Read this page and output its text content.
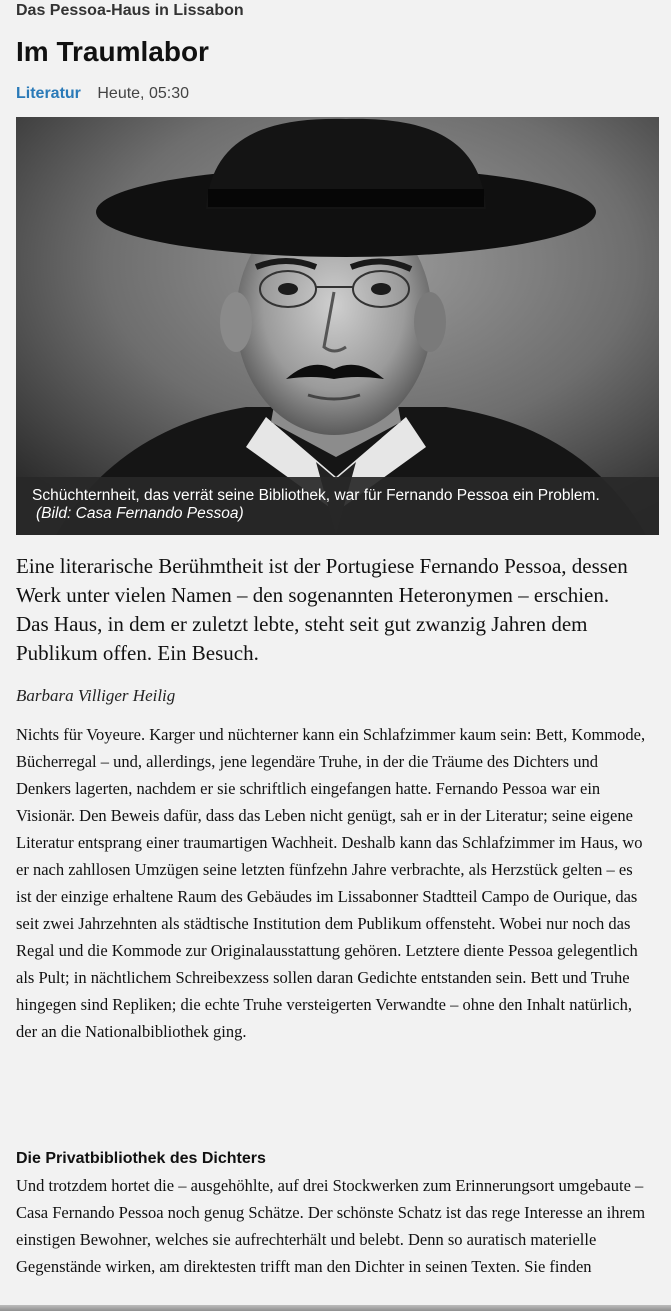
Das Pessoa-Haus in Lissabon
Im Traumlabor
Literatur Heute, 05:30
Schüchternheit, das verrät seine Bibliothek, war für Fernando Pessoa ein Problem. (Bild: Casa Fernando Pessoa)

Eine literarische Berühmtheit ist der Portugiese Fernando Pessoa, dessen Werk unter vielen Namen – den sogenannten Heteronymen – erschien. Das Haus, in dem er zuletzt lebte, steht seit gut zwanzig Jahren dem Publikum offen. Ein Besuch.

Barbara Villiger Heilig

Nichts für Voyeure. Karger und nüchterner kann ein Schlafzimmer kaum sein: Bett, Kommode, Bücherregal – und, allerdings, jene legendäre Truhe, in der die Träume des Dichters und Denkers lagerten, nachdem er sie schriftlich eingefangen hatte. Fernando Pessoa war ein Visionär. Den Beweis dafür, dass das Leben nicht genügt, sah er in der Literatur; seine eigene Literatur entsprang einer traumartigen Wachheit. Deshalb kann das Schlafzimmer im Haus, wo er nach zahllosen Umzügen seine letzten fünfzehn Jahre verbrachte, als Herzstück gelten – es ist der einzige erhaltene Raum des Gebäudes im Lissabonner Stadtteil Campo de Ourique, das seit zwei Jahrzehnten als städtische Institution dem Publikum offensteht. Wobei nur noch das Regal und die Kommode zur Originalausstattung gehören. Letztere diente Pessoa gelegentlich als Pult; in nächtlichem Schreibexzess sollen daran Gedichte entstanden sein. Bett und Truhe hingegen sind Repliken; die echte Truhe versteigerten Verwandte – ohne den Inhalt natürlich, der an die Nationalbibliothek ging.

Die Privatbibliothek des Dichters

Und trotzdem hortet die – ausgehöhlte, auf drei Stockwerken zum Erinnerungsort umgebaute – Casa Fernando Pessoa noch genug Schätze. Der schönste Schatz ist das rege Interesse an ihrem einstigen Bewohner, welches sie aufrechterhält und belebt. Denn so auratisch materielle Gegenstände wirken, am direktesten trifft man den Dichter in seinen Texten. Sie finden
